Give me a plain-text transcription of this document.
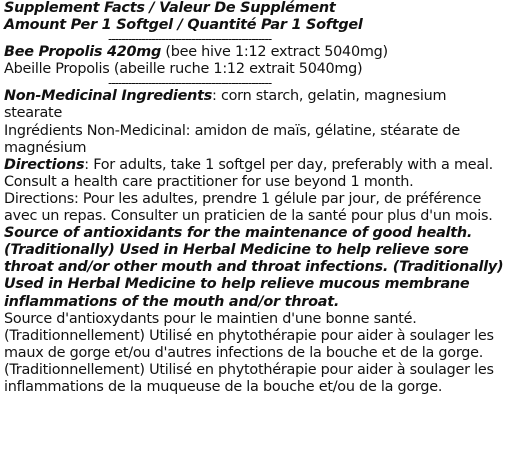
Supplement Facts / Valeur De Supplément

Amount Per 1 Softgel / Quantité Par 1 Softgel

-------------------------------------------------

Bee Propolis 420mg (bee hive 1:12 extract 5040mg)

Abeille Propolis (abeille ruche 1:12 extrait 5040mg)

-------------------------------------------------

Non-Medicinal Ingredients: corn starch, gelatin, magnesium stearate

Ingrédients Non-Medicinal: amidon de maïs, gélatine, stéarate de magnésium

Directions: For adults, take 1 softgel per day, preferably with a meal. Consult a health care practitioner for use beyond 1 month.

Directions: Pour les adultes, prendre 1 gélule par jour, de préférence avec un repas. Consulter un praticien de la santé pour plus d'un mois.

Source of antioxidants for the maintenance of good health. (Traditionally) Used in Herbal Medicine to help relieve sore throat and/or other mouth and throat infections. (Traditionally) Used in Herbal Medicine to help relieve mucous membrane inflammations of the mouth and/or throat.

Source d'antioxydants pour le maintien d'une bonne santé. (Traditionnellement) Utilisé en phytothérapie pour aider à soulager les maux de gorge et/ou d'autres infections de la bouche et de la gorge. (Traditionnellement) Utilisé en phytothérapie pour aider à soulager les inflammations de la muqueuse de la bouche et/ou de la gorge.
